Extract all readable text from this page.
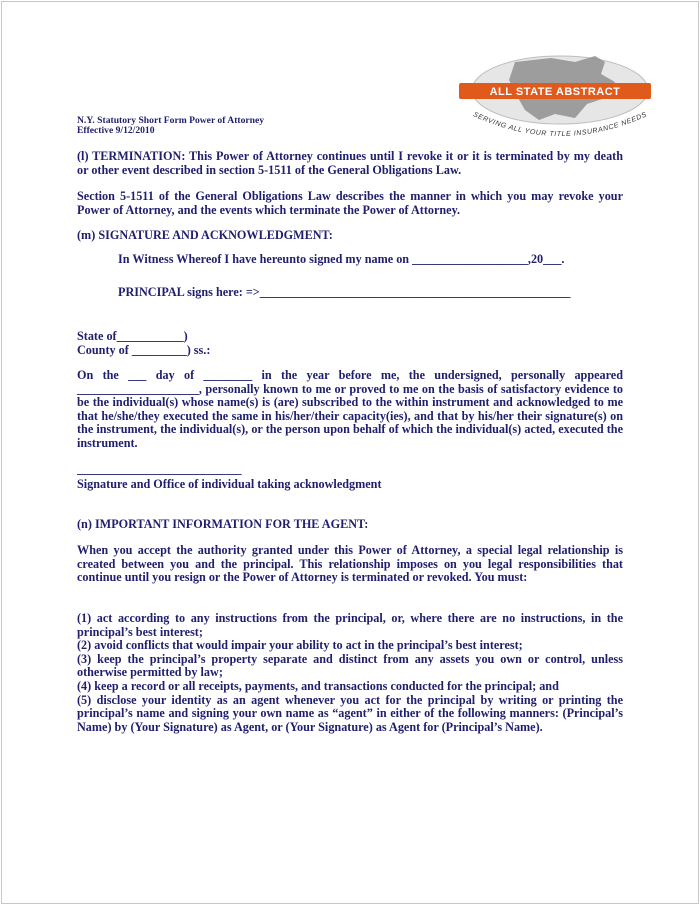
ALL STATE ABSTRACT
SERVING ALL YOUR TITLE INSURANCE NEEDS
N.Y. Statutory Short Form Power of Attorney
Effective 9/12/2010

(l) TERMINATION: This Power of Attorney continues until I revoke it or it is terminated by my death or other event described in section 5-1511 of the General Obligations Law.

Section 5-1511 of the General Obligations Law describes the manner in which you may revoke your Power of Attorney, and the events which terminate the Power of Attorney.

(m) SIGNATURE AND ACKNOWLEDGMENT:

In Witness Whereof I have hereunto signed my name on ___________________,20___.

PRINCIPAL signs here: =>___________________________________________________

State of___________)

County of _________) ss.:

On the ___ day of ________ in the year before me, the undersigned, personally appeared ____________________, personally known to me or proved to me on the basis of satisfactory evidence to be the individual(s) whose name(s) is (are) subscribed to the within instrument and acknowledged to me that he/she/they executed the same in his/her/their capacity(ies), and that by his/her their signature(s) on the instrument, the individual(s), or the person upon behalf of which the individual(s) acted, executed the instrument.

___________________________

Signature and Office of individual taking acknowledgment

(n) IMPORTANT INFORMATION FOR THE AGENT:

When you accept the authority granted under this Power of Attorney, a special legal relationship is created between you and the principal. This relationship imposes on you legal responsibilities that continue until you resign or the Power of Attorney is terminated or revoked. You must:

(1) act according to any instructions from the principal, or, where there are no instructions, in the principal’s best interest;
(2) avoid conflicts that would impair your ability to act in the principal’s best interest;
(3) keep the principal’s property separate and distinct from any assets you own or control, unless otherwise permitted by law;
(4) keep a record or all receipts, payments, and transactions conducted for the principal; and
(5) disclose your identity as an agent whenever you act for the principal by writing or printing the principal’s name and signing your own name as “agent” in either of the following manners: (Principal’s Name) by (Your Signature) as Agent, or (Your Signature) as Agent for (Principal’s Name).
